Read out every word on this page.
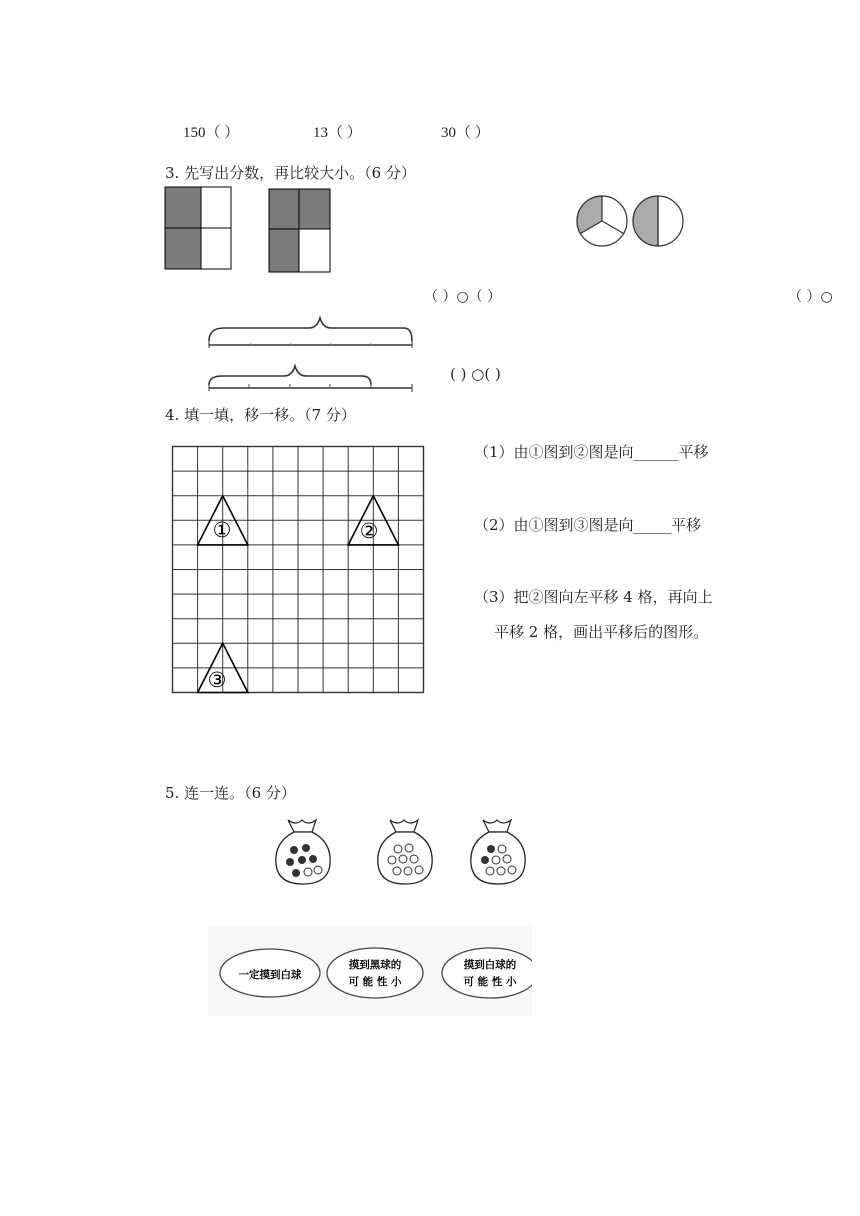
150（ ）	13（ ）	30（ ）
3. 先写出分数，再比较大小。（6 分）
（ ）○（ ）	（ ）○
( ) ○( )
4. 填一填，移一移。（7 分）
①	②
③
（1）由①图到②图是向______平移
（2）由①图到③图是向_____平移
（3）把②图向左平移 4 格，再向上
平移 2 格，画出平移后的图形。
5. 连一连。（6 分）
一定摸到白球
摸到黑球的
可 能 性 小
摸到白球的
可 能 性 小
